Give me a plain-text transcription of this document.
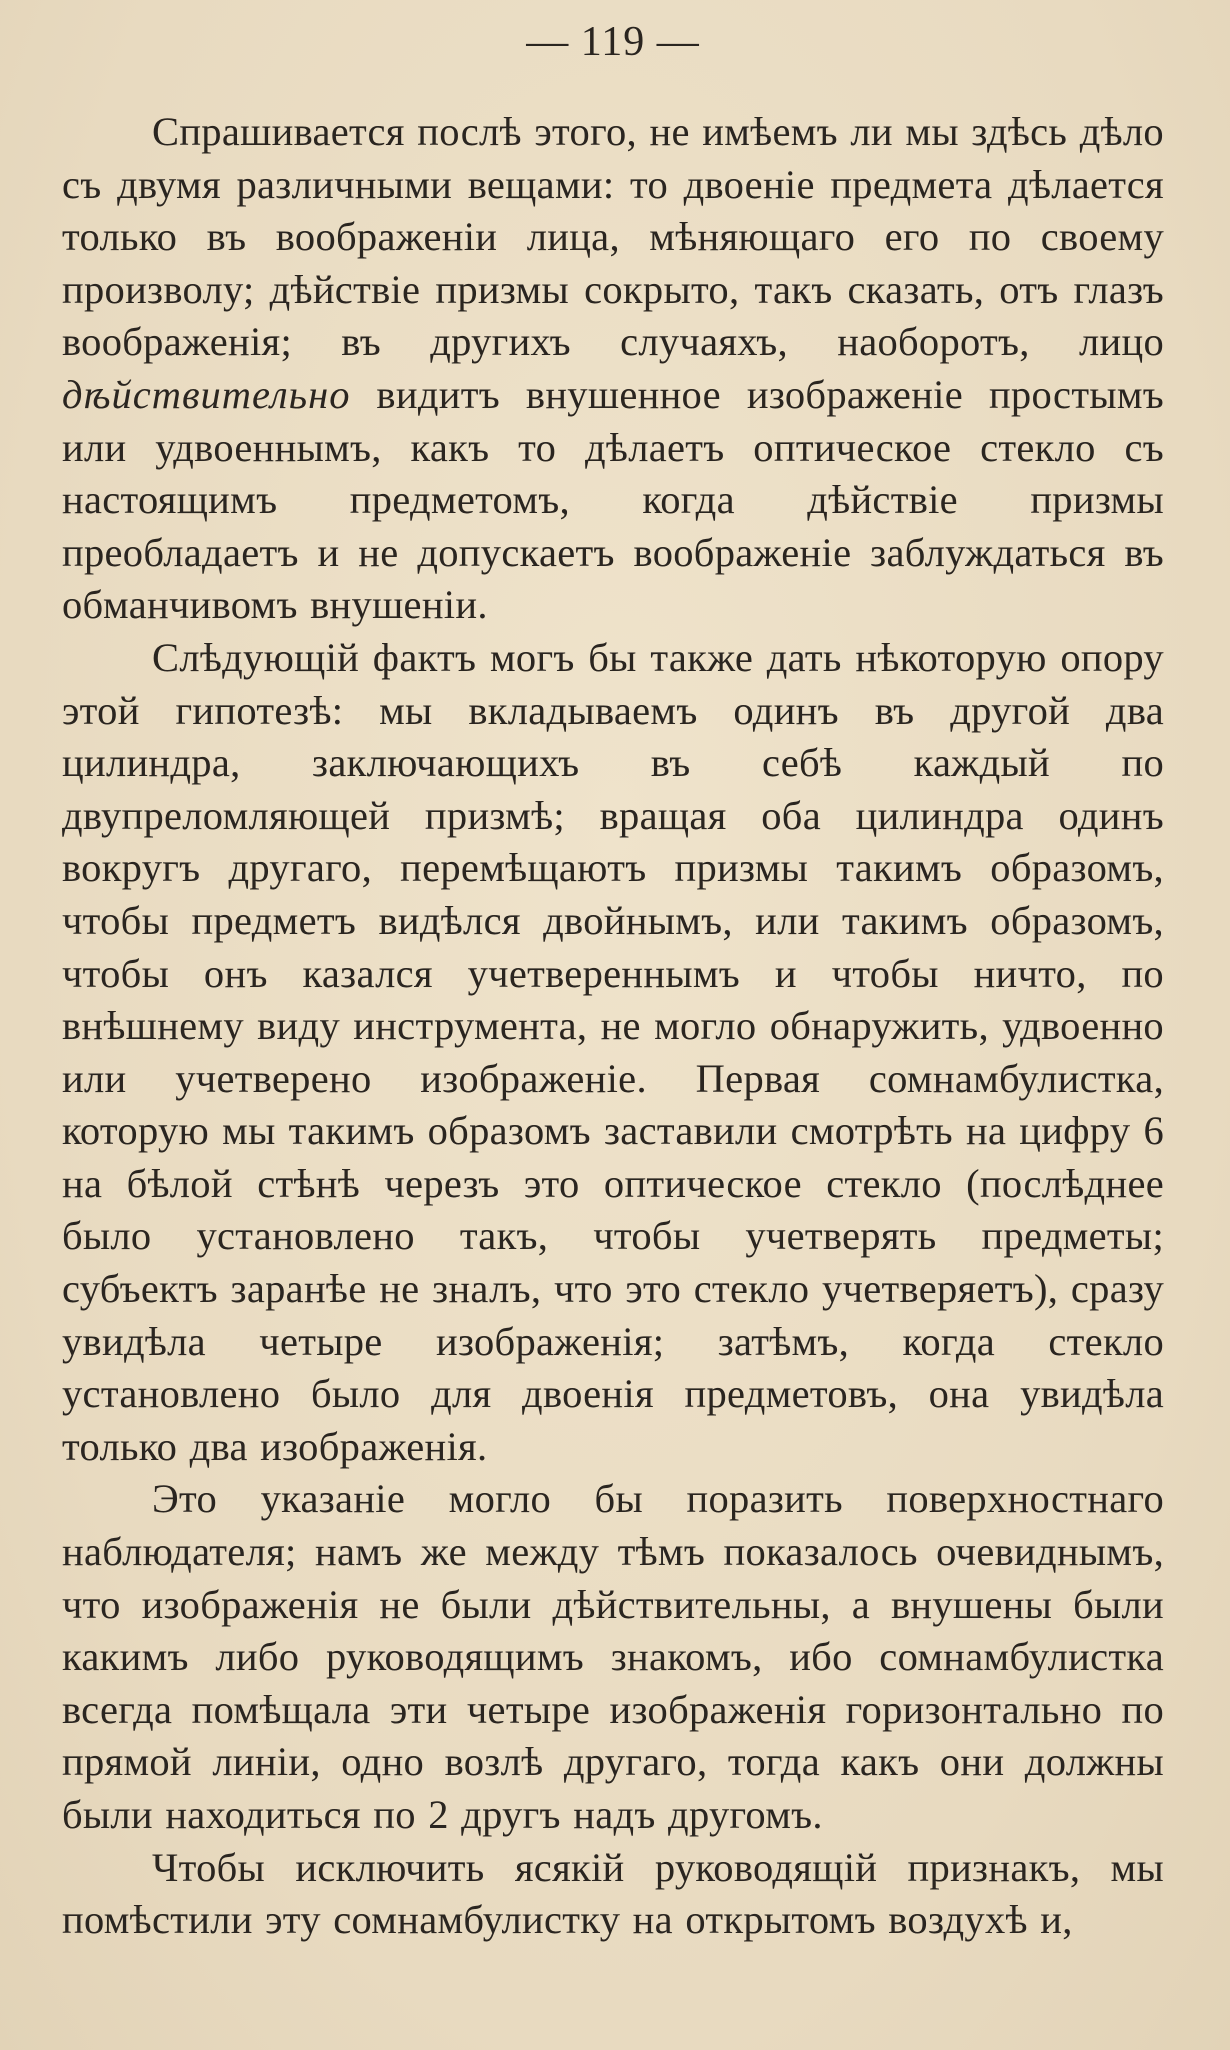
— 119 —

Спрашивается послѣ этого, не имѣемъ ли мы здѣсь дѣло съ двумя различными вещами: то двоеніе предмета дѣлается только въ воображеніи лица, мѣняющаго его по своему произволу; дѣйствіе призмы сокрыто, такъ сказать, отъ глазъ воображенія; въ другихъ случаяхъ, наоборотъ, лицо дѣйствительно видитъ внушенное изображеніе простымъ или удвоеннымъ, какъ то дѣлаетъ оптическое стекло съ настоящимъ предметомъ, когда дѣйствіе призмы преобладаетъ и не допускаетъ воображеніе заблуждаться въ обманчивомъ внушеніи.

Слѣдующій фактъ могъ бы также дать нѣкоторую опору этой гипотезѣ: мы вкладываемъ одинъ въ другой два цилиндра, заключающихъ въ себѣ каждый по двупреломляющей призмѣ; вращая оба цилиндра одинъ вокругъ другаго, перемѣщаютъ призмы такимъ образомъ, чтобы предметъ видѣлся двойнымъ, или такимъ образомъ, чтобы онъ казался учетвереннымъ и чтобы ничто, по внѣшнему виду инструмента, не могло обнаружить, удвоенно или учетверено изображеніе. Первая сомнамбулистка, которую мы такимъ образомъ заставили смотрѣть на цифру 6 на бѣлой стѣнѣ черезъ это оптическое стекло (послѣднее было установлено такъ, чтобы учетверять предметы; субъектъ заранѣе не зналъ, что это стекло учетверяетъ), сразу увидѣла четыре изображенія; затѣмъ, когда стекло установлено было для двоенія предметовъ, она увидѣла только два изображенія.

Это указаніе могло бы поразить поверхностнаго наблюдателя; намъ же между тѣмъ показалось очевиднымъ, что изображенія не были дѣйствительны, а внушены были какимъ либо руководящимъ знакомъ, ибо сомнамбулистка всегда помѣщала эти четыре изображенія горизонтально по прямой линіи, одно возлѣ другаго, тогда какъ они должны были находиться по 2 другъ надъ другомъ.

Чтобы исключить ясякій руководящій признакъ, мы помѣстили эту сомнамбулистку на открытомъ воздухѣ и,
